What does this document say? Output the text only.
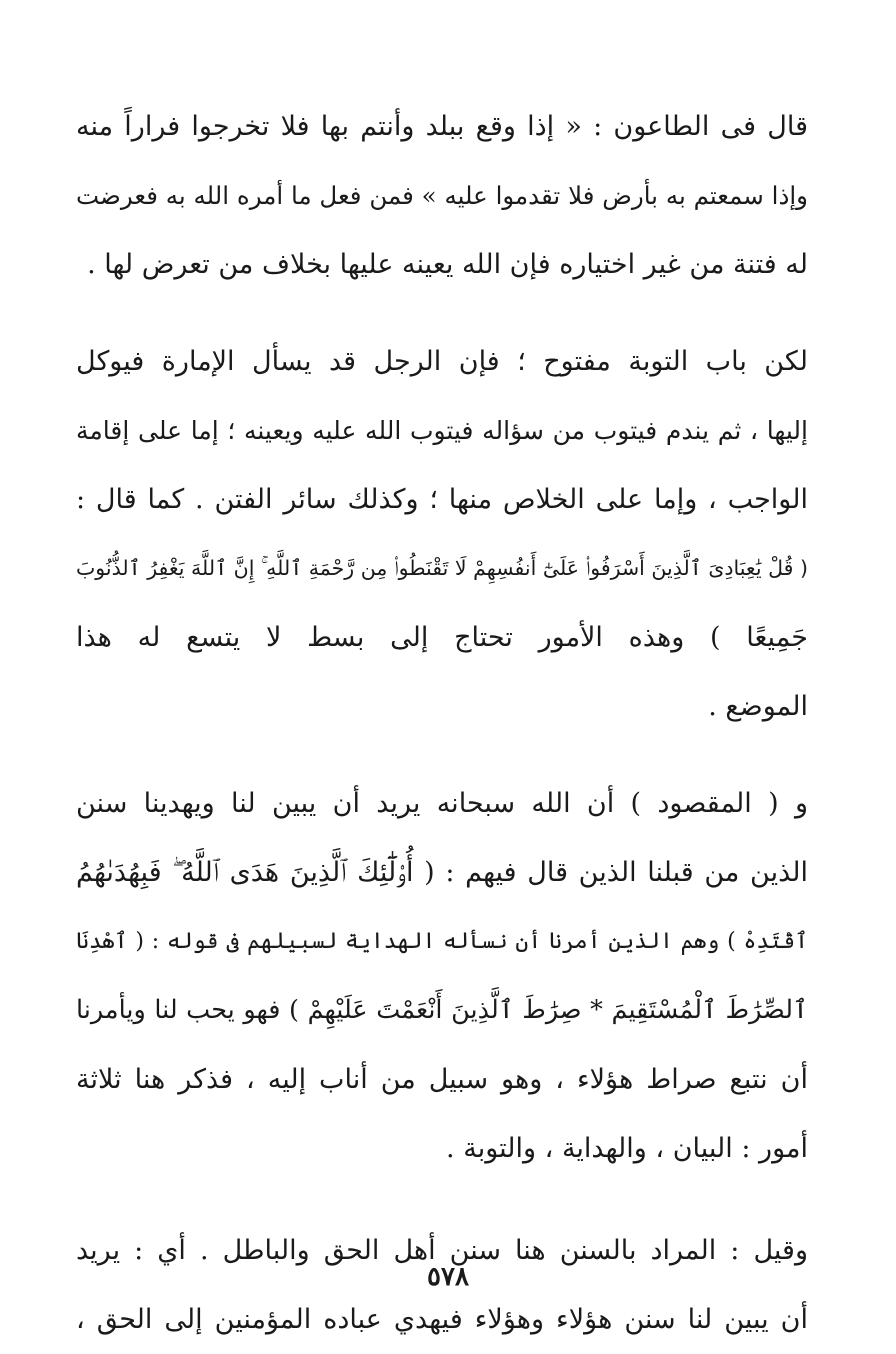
قال فى الطاعون : « إذا وقع ببلد وأنتم بها فلا تخرجوا فراراً منه
وإذا سمعتم به بأرض فلا تقدموا عليه » فمن فعل ما أمره الله به فعرضت
له فتنة من غير اختياره فإن الله يعينه عليها بخلاف من تعرض لها .
لكن باب التوبة مفتوح ؛ فإن الرجل قد يسأل الإمارة فيوكل
إليها ، ثم يندم فيتوب من سؤاله فيتوب الله عليه ويعينه ؛ إما على إقامة
الواجب ، وإما على الخلاص منها ؛ وكذلك سائر الفتن . كما قال :
( قُلْ يَٰعِبَادِىَ ٱلَّذِينَ أَسْرَفُوا۟ عَلَىٰٓ أَنفُسِهِمْ لَا تَقْنَطُوا۟ مِن رَّحْمَةِ ٱللَّهِ ۚ إِنَّ ٱللَّهَ يَغْفِرُ ٱلذُّنُوبَ
جَمِيعًا ) وهذه الأمور تحتاج إلى بسط لا يتسع له هذا
الموضع .
و ( المقصود ) أن الله سبحانه يريد أن يبين لنا ويهدينا سنن
الذين من قبلنا الذين قال فيهم : ( أُو۟لَٰٓئِكَ ٱلَّذِينَ هَدَى ٱللَّهُ ۖ فَبِهُدَىٰهُمُ
ٱقْتَدِهْ ) وهم الذين أمرنا أن نسأله الهداية لسبيلهم فى قوله : ( ٱهْدِنَا
ٱلصِّرَٰطَ ٱلْمُسْتَقِيمَ * صِرَٰطَ ٱلَّذِينَ أَنْعَمْتَ عَلَيْهِمْ ) فهو يحب لنا ويأمرنا
أن نتبع صراط هؤلاء ، وهو سبيل من أناب إليه ، فذكر هنا ثلاثة
أمور : البيان ، والهداية ، والتوبة .
وقيل : المراد بالسنن هنا سنن أهل الحق والباطل . أي : يريد
أن يبين لنا سنن هؤلاء وهؤلاء فيهدي عباده المؤمنين إلى الحق ،
٥٧٨
